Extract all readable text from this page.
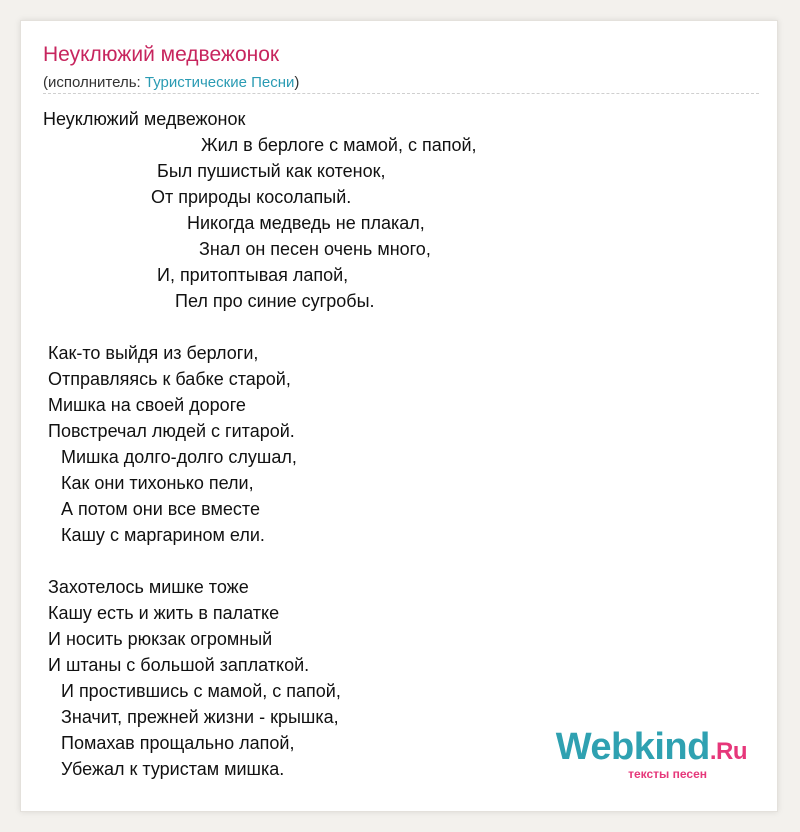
Неуклюжий медвежонок
(исполнитель: Туристические Песни)
Неуклюжий медвежонок
Жил в берлоге с мамой, с папой,
Был пушистый как котенок,
От природы косолапый.
Никогда медведь не плакал,
Знал он песен очень много,
И, притоптывая лапой,
Пел про синие сугробы.
Как-то выйдя из берлоги,
Отправляясь к бабке старой,
Мишка на своей дороге
Повстречал людей с гитарой.
Мишка долго-долго слушал,
Как они тихонько пели,
А потом они все вместе
Кашу с маргарином ели.
Захотелось мишке тоже
Кашу есть и жить в палатке
И носить рюкзак огромный
И штаны с большой заплаткой.
И простившись с мамой, с папой,
Значит, прежней жизни - крышка,
Помахав прощально лапой,
Убежал к туристам мишка.
Webkind.Ru
тексты песен
